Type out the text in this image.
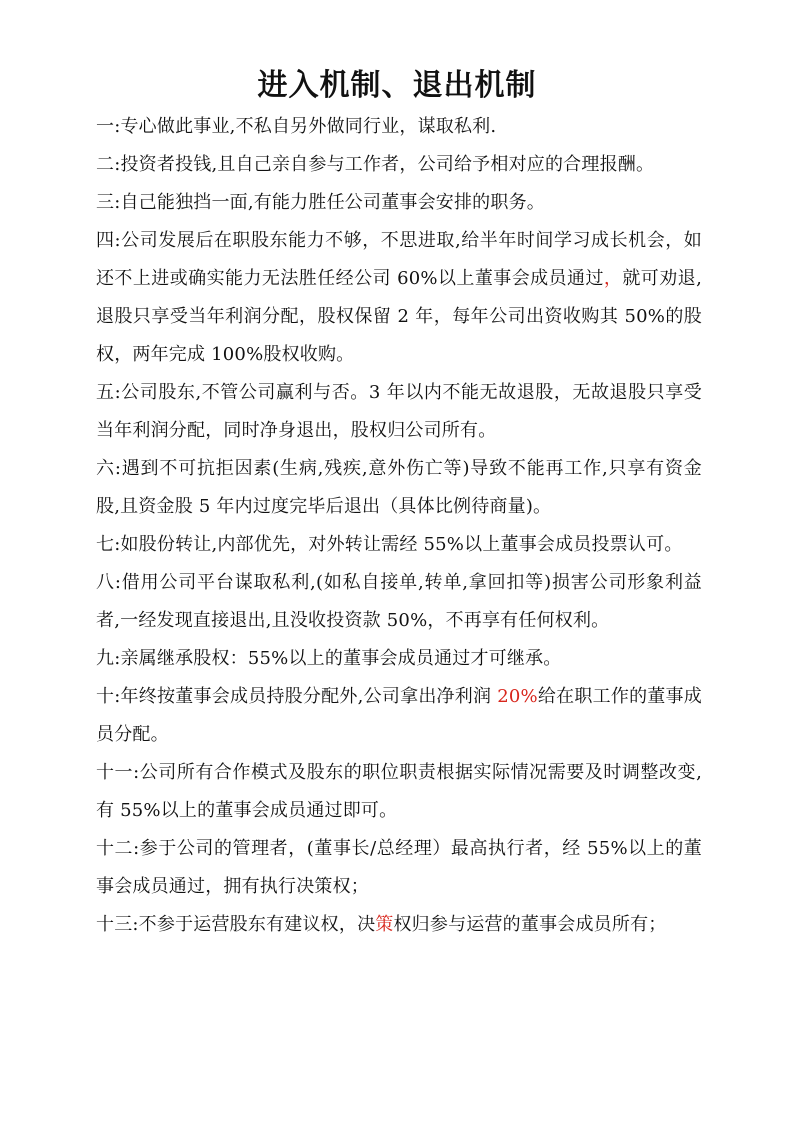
进入机制、退出机制

一:专心做此事业,不私自另外做同行业，谋取私利.

二:投资者投钱,且自己亲自参与工作者，公司给予相对应的合理报酬。

三:自己能独挡一面,有能力胜任公司董事会安排的职务。

四:公司发展后在职股东能力不够，不思进取,给半年时间学习成长机会，如还不上进或确实能力无法胜任经公司 60%以上董事会成员通过，就可劝退,退股只享受当年利润分配，股权保留 2 年，每年公司出资收购其 50%的股权，两年完成 100%股权收购。

五:公司股东,不管公司赢利与否。3 年以内不能无故退股，无故退股只享受当年利润分配，同时净身退出，股权归公司所有。

六:遇到不可抗拒因素(生病,残疾,意外伤亡等)导致不能再工作,只享有资金股,且资金股 5 年内过度完毕后退出（具体比例待商量)。

七:如股份转让,内部优先，对外转让需经 55%以上董事会成员投票认可。

八:借用公司平台谋取私利,(如私自接单,转单,拿回扣等)损害公司形象利益者,一经发现直接退出,且没收投资款 50%，不再享有任何权利。

九:亲属继承股权：55%以上的董事会成员通过才可继承。

十:年终按董事会成员持股分配外,公司拿出净利润 20%给在职工作的董事成员分配。

十一:公司所有合作模式及股东的职位职责根据实际情况需要及时调整改变,有 55%以上的董事会成员通过即可。

十二:参于公司的管理者，(董事长/总经理）最高执行者，经 55%以上的董事会成员通过，拥有执行决策权；

十三:不参于运营股东有建议权，决策权归参与运营的董事会成员所有；
